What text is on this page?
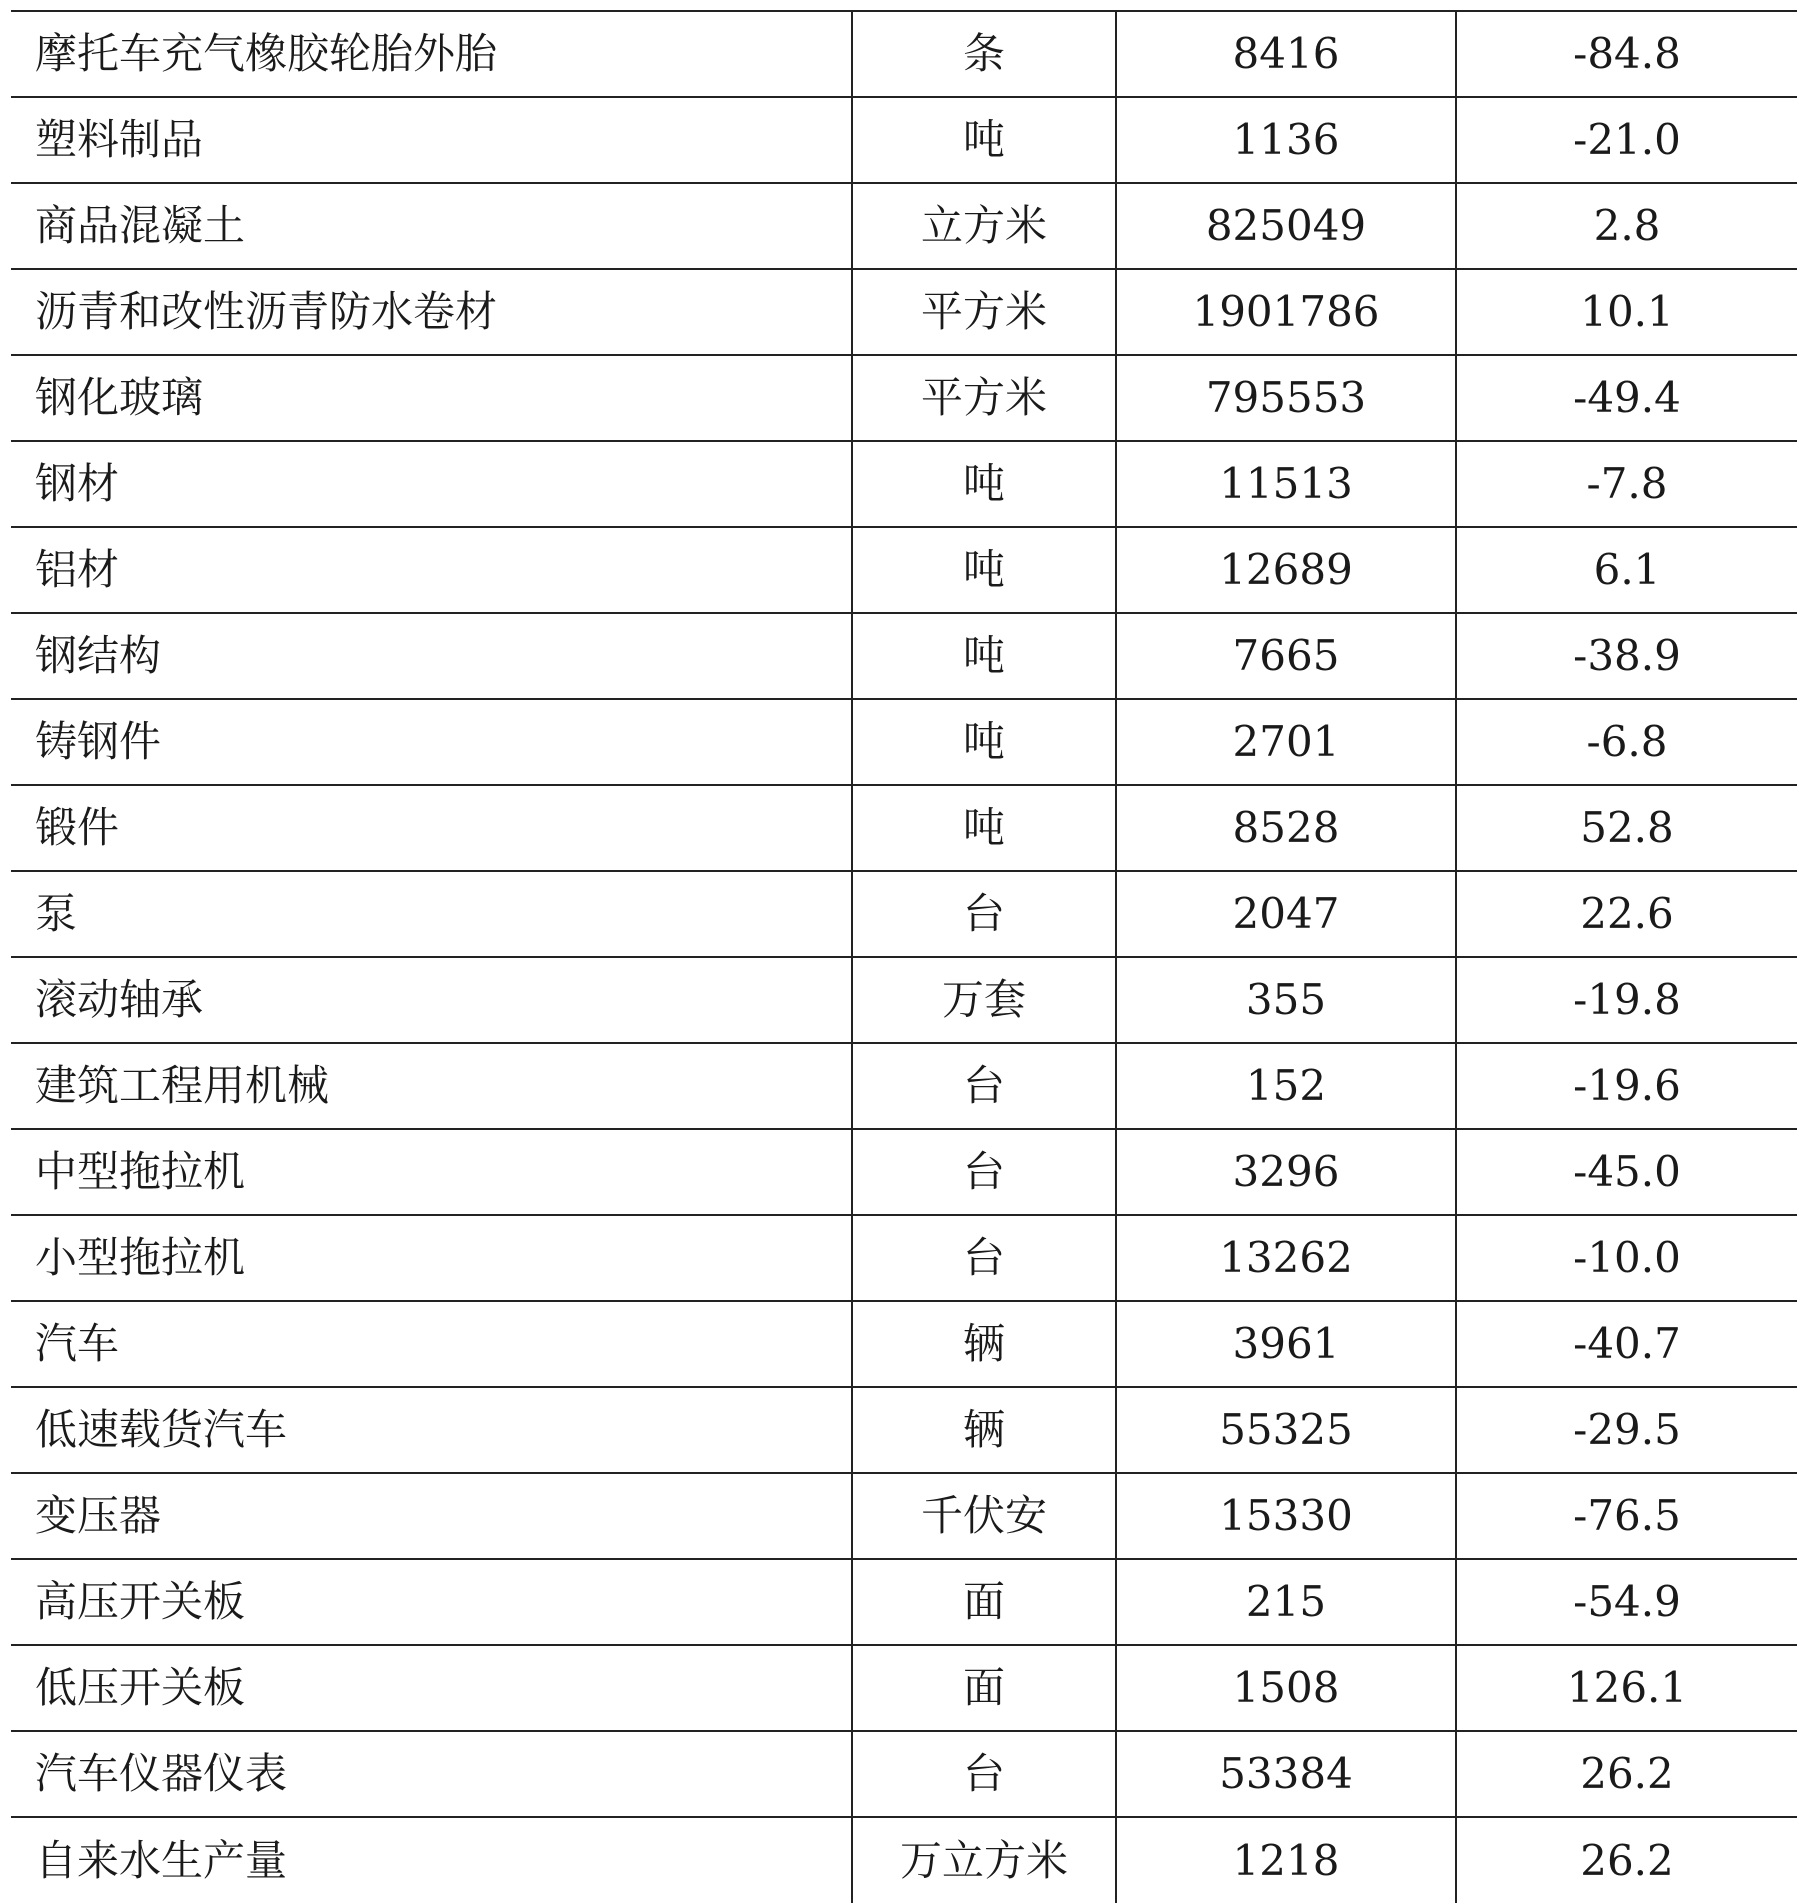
摩托车充气橡胶轮胎外胎	条	8416	-84.8
塑料制品	吨	1136	-21.0
商品混凝土	立方米	825049	2.8
沥青和改性沥青防水卷材	平方米	1901786	10.1
钢化玻璃	平方米	795553	-49.4
钢材	吨	11513	-7.8
铝材	吨	12689	6.1
钢结构	吨	7665	-38.9
铸钢件	吨	2701	-6.8
锻件	吨	8528	52.8
泵	台	2047	22.6
滚动轴承	万套	355	-19.8
建筑工程用机械	台	152	-19.6
中型拖拉机	台	3296	-45.0
小型拖拉机	台	13262	-10.0
汽车	辆	3961	-40.7
低速载货汽车	辆	55325	-29.5
变压器	千伏安	15330	-76.5
高压开关板	面	215	-54.9
低压开关板	面	1508	126.1
汽车仪器仪表	台	53384	26.2
自来水生产量	万立方米	1218	26.2
